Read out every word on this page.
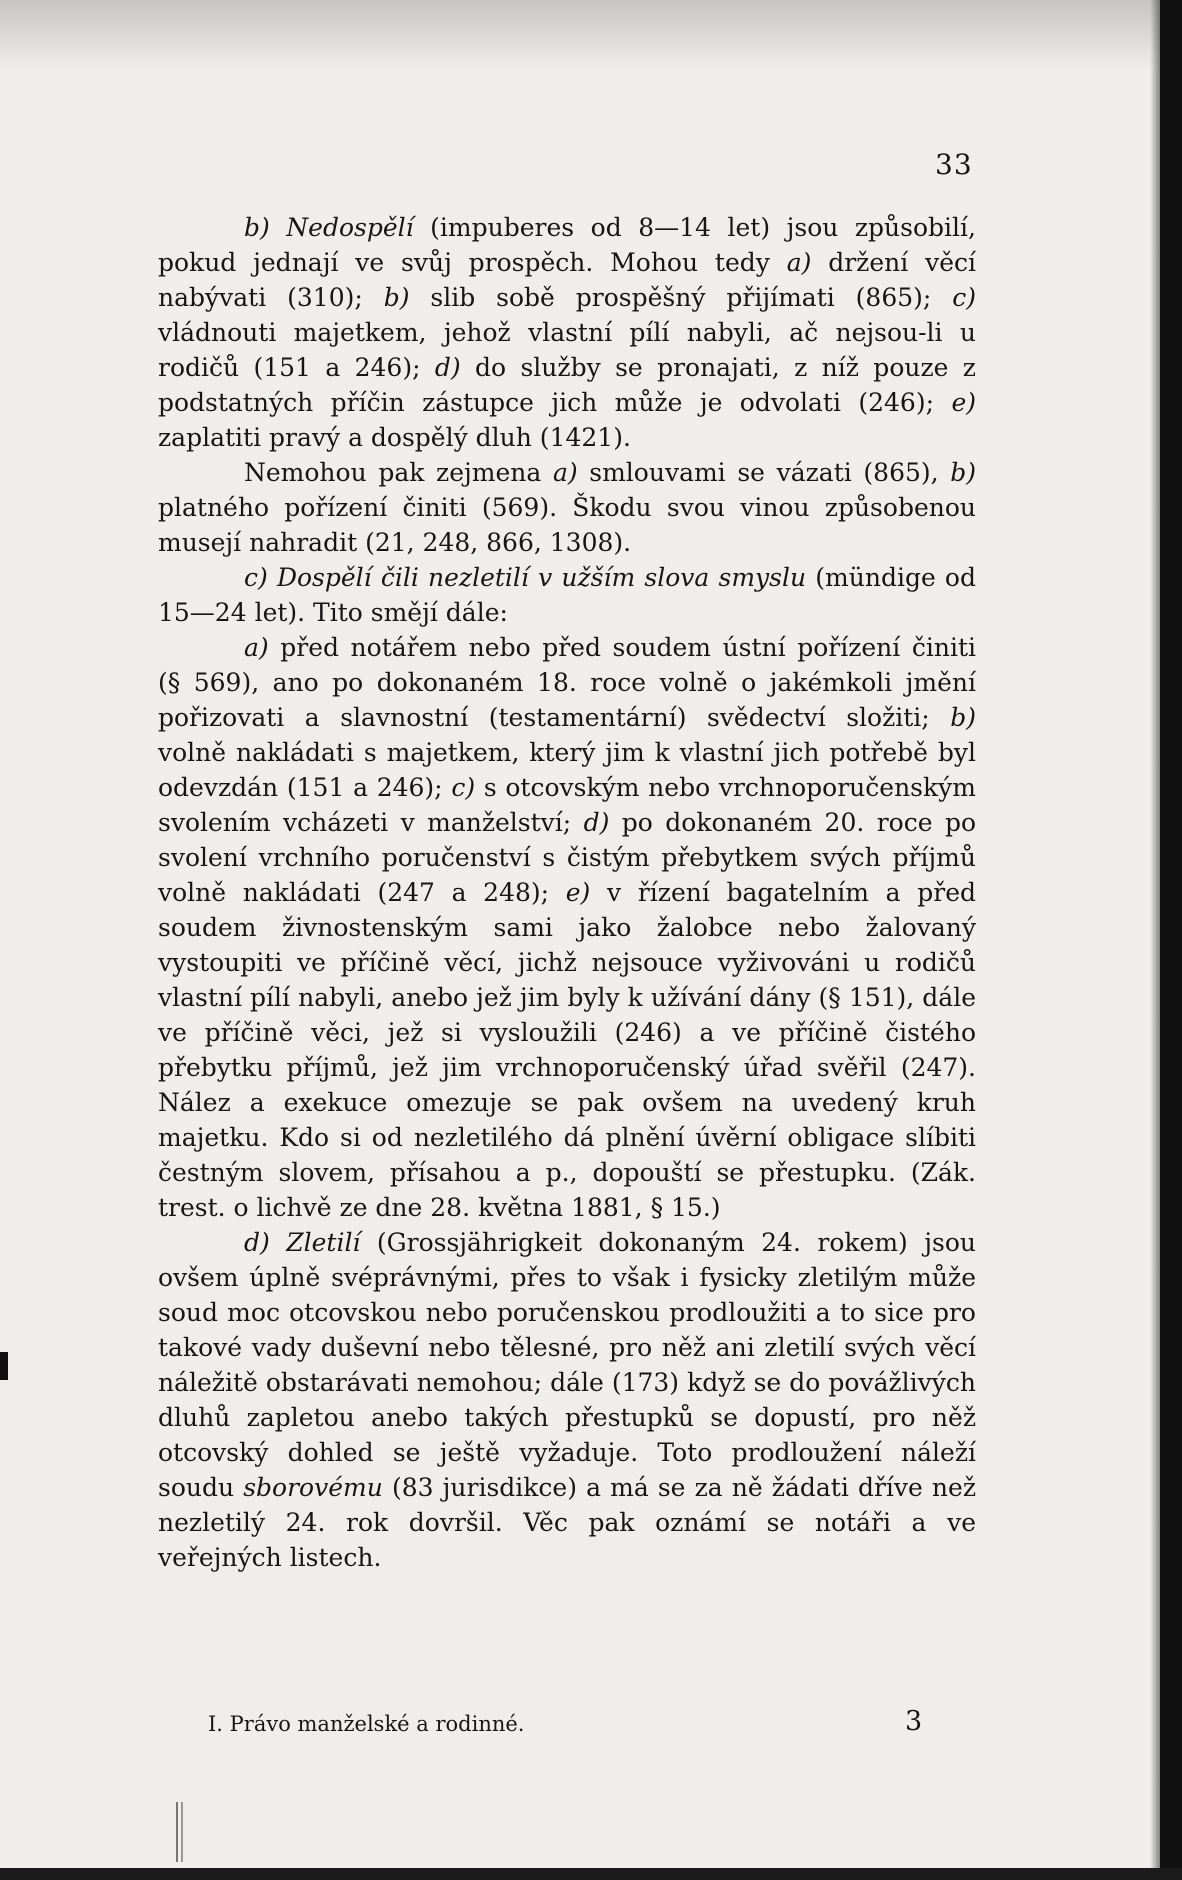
33

b) Nedospělí (impuberes od 8—14 let) jsou způsobilí, pokud jednají ve svůj prospěch. Mohou tedy a) držení věcí nabývati (310); b) slib sobě prospěšný přijímati (865); c) vládnouti majetkem, jehož vlastní pílí nabyli, ač nejsou-li u rodičů (151 a 246); d) do služby se pronajati, z níž pouze z podstatných příčin zástupce jich může je odvolati (246); e) zaplatiti pravý a dospělý dluh (1421).

Nemohou pak zejmena a) smlouvami se vázati (865), b) platného pořízení činiti (569). Škodu svou vinou způsobenou musejí nahradit (21, 248, 866, 1308).

c) Dospělí čili nezletilí v užším slova smyslu (mündige od 15—24 let). Tito smějí dále:

a) před notářem nebo před soudem ústní pořízení činiti (§ 569), ano po dokonaném 18. roce volně o jakémkoli jmění pořizovati a slavnostní (testamentární) svědectví složiti; b) volně nakládati s majetkem, který jim k vlastní jich potřebě byl odevzdán (151 a 246); c) s otcovským nebo vrchnoporučenským svolením vcházeti v manželství; d) po dokonaném 20. roce po svolení vrchního poručenství s čistým přebytkem svých příjmů volně nakládati (247 a 248); e) v řízení bagatelním a před soudem živnostenským sami jako žalobce nebo žalovaný vystoupiti ve příčině věcí, jichž nejsouce vyživováni u rodičů vlastní pílí nabyli, anebo jež jim byly k užívání dány (§ 151), dále ve příčině věci, jež si vysloužili (246) a ve příčině čistého přebytku příjmů, jež jim vrchnoporučenský úřad svěřil (247). Nález a exekuce omezuje se pak ovšem na uvedený kruh majetku. Kdo si od nezletilého dá plnění úvěrní obligace slíbiti čestným slovem, přísahou a p., dopouští se přestupku. (Zák. trest. o lichvě ze dne 28. května 1881, § 15.)

d) Zletilí (Grossjährigkeit dokonaným 24. rokem) jsou ovšem úplně svéprávnými, přes to však i fysicky zletilým může soud moc otcovskou nebo poručenskou prodloužiti a to sice pro takové vady duševní nebo tělesné, pro něž ani zletilí svých věcí náležitě obstarávati nemohou; dále (173) když se do povážlivých dluhů zapletou anebo takých přestupků se dopustí, pro něž otcovský dohled se ještě vyžaduje. Toto prodloužení náleží soudu sborovému (83 jurisdikce) a má se za ně žádati dříve než nezletilý 24. rok dovršil. Věc pak oznámí se notáři a ve veřejných listech.

I. Právo manželské a rodinné.	3
